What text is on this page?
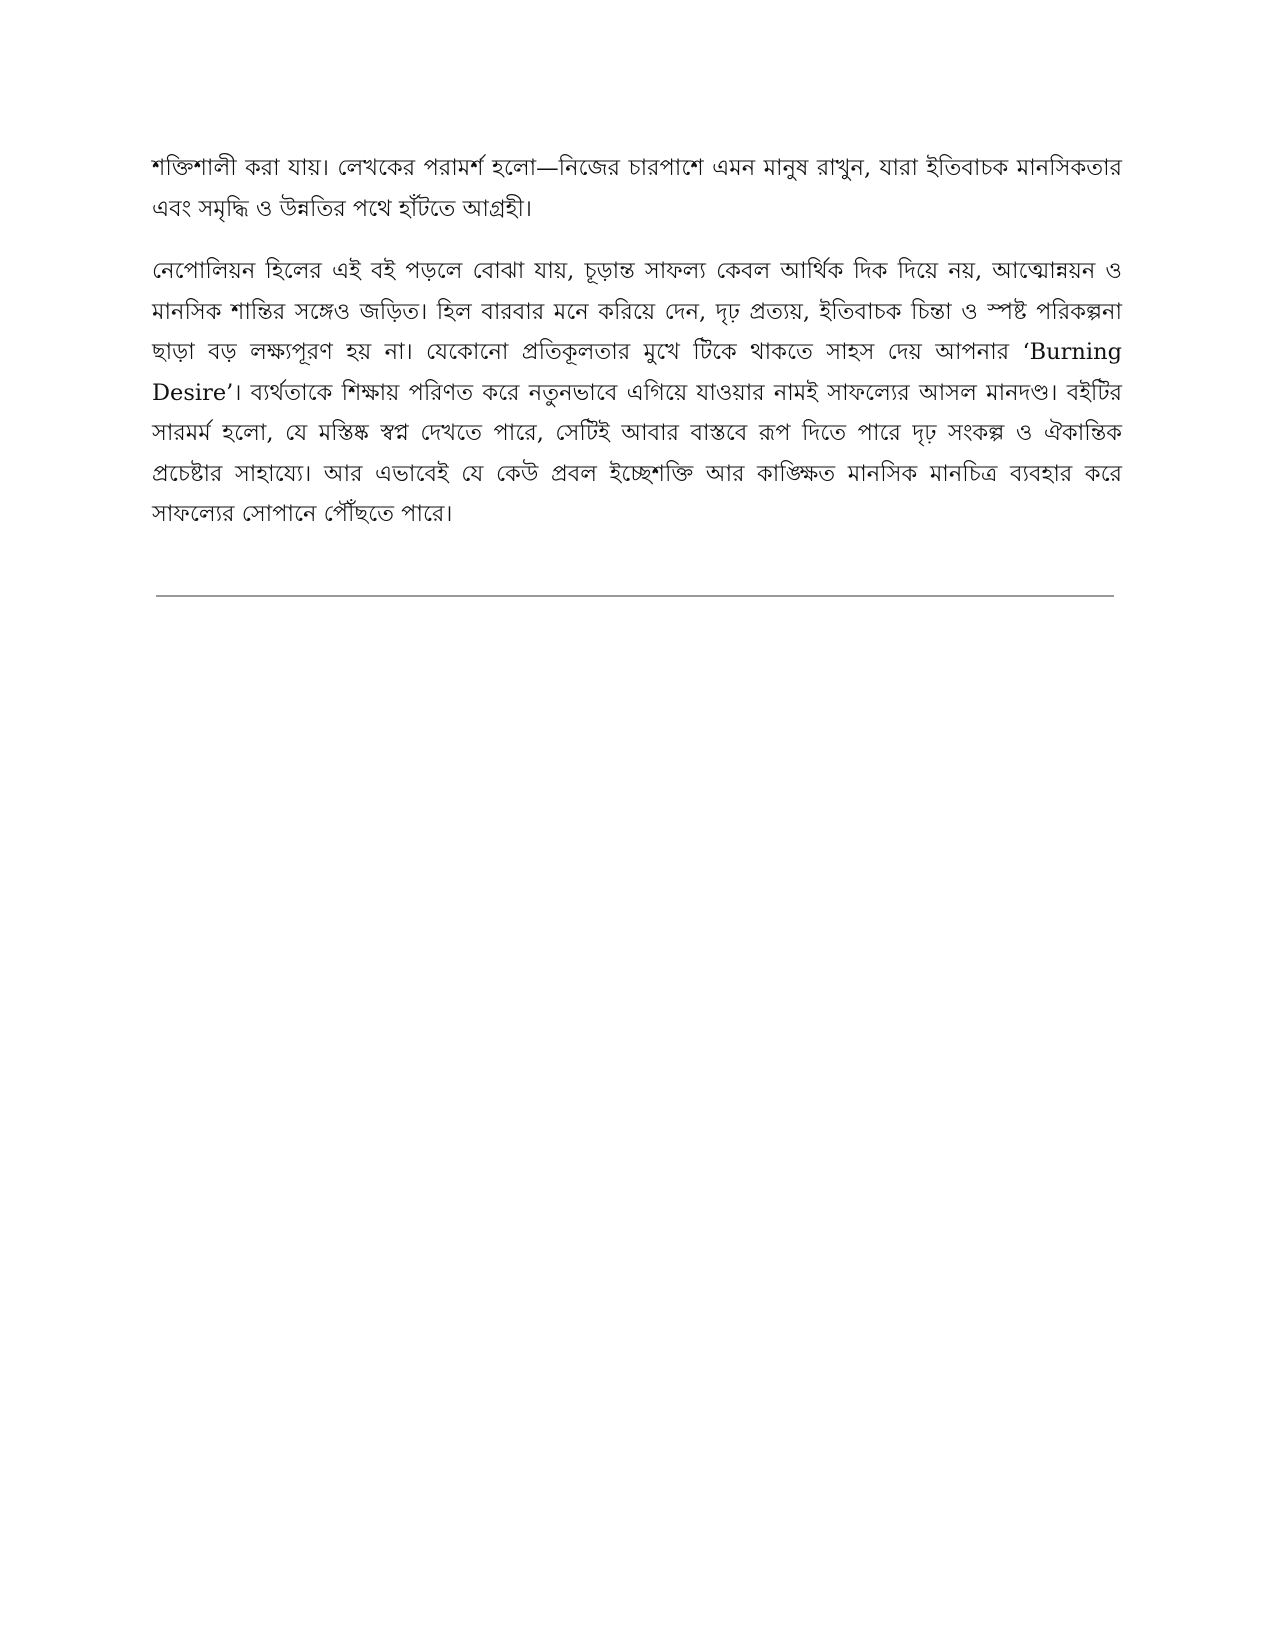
শক্তিশালী করা যায়। লেখকের পরামর্শ হলো—নিজের চারপাশে এমন মানুষ রাখুন, যারা ইতিবাচক মানসিকতার এবং সমৃদ্ধি ও উন্নতির পথে হাঁটতে আগ্রহী।

নেপোলিয়ন হিলের এই বই পড়লে বোঝা যায়, চূড়ান্ত সাফল্য কেবল আর্থিক দিক দিয়ে নয়, আত্মোন্নয়ন ও মানসিক শান্তির সঙ্গেও জড়িত। হিল বারবার মনে করিয়ে দেন, দৃঢ় প্রত্যয়, ইতিবাচক চিন্তা ও স্পষ্ট পরিকল্পনা ছাড়া বড় লক্ষ্যপূরণ হয় না। যেকোনো প্রতিকূলতার মুখে টিকে থাকতে সাহস দেয় আপনার ‘Burning Desire’। ব্যর্থতাকে শিক্ষায় পরিণত করে নতুনভাবে এগিয়ে যাওয়ার নামই সাফল্যের আসল মানদণ্ড। বইটির সারমর্ম হলো, যে মস্তিষ্ক স্বপ্ন দেখতে পারে, সেটিই আবার বাস্তবে রূপ দিতে পারে দৃঢ় সংকল্প ও ঐকান্তিক প্রচেষ্টার সাহায্যে। আর এভাবেই যে কেউ প্রবল ইচ্ছেশক্তি আর কাঙ্ক্ষিত মানসিক মানচিত্র ব্যবহার করে সাফল্যের সোপানে পৌঁছতে পারে।
